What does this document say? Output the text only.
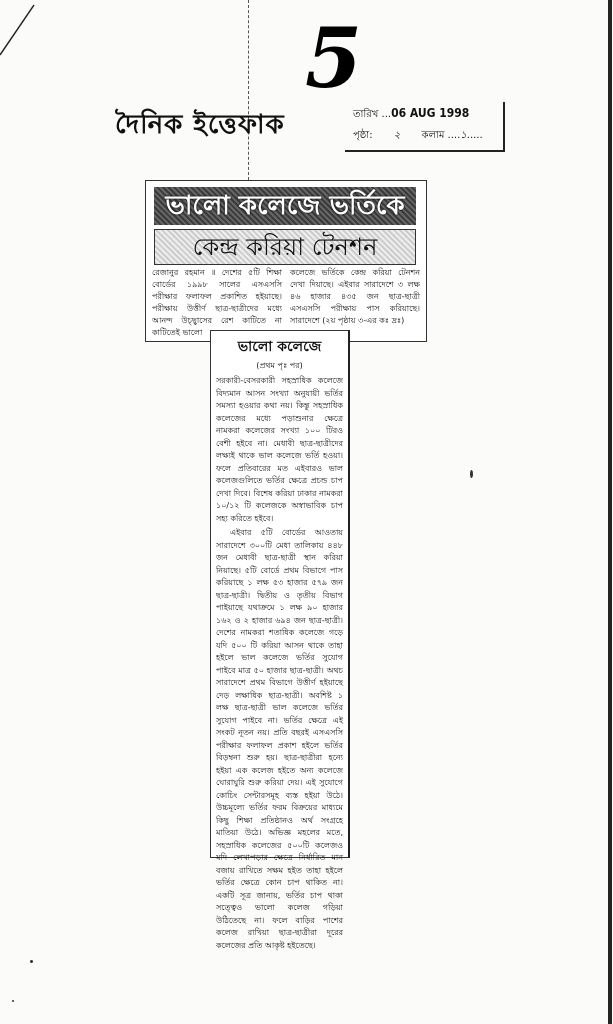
5
দৈনিক ইত্তেফাক	তারিখ ...06 AUG 1998
পৃষ্ঠা: ২ কলাম ....১.....
ভালো কলেজে ভর্তিকে
কেন্দ্র করিয়া টেনশন

রেজানুর রহমান ॥ দেশের ৫টি শিক্ষা বোর্ডের ১৯৯৮ সালের এসএসসি পরীক্ষার ফলাফল প্রকাশিত হইয়াছে। পরীক্ষায় উত্তীর্ণ ছাত্র-ছাত্রীদের মধ্যে আনন্দ উচ্ছ্বাসের রেশ কাটিতে না কাটিতেই ভালো

কলেজে ভর্তিকে কেন্দ্র করিয়া টেনশন দেখা দিয়াছে। এইবার সারাদেশে ৩ লক্ষ ৪৬ হাজার ৪৩৫ জন ছাত্র-ছাত্রী এসএসসি পরীক্ষায় পাস করিয়াছে। সারাদেশে (২য় পৃষ্ঠায় ৩-এর কঃ দ্রঃ)

ভালো কলেজে
(প্রথম পৃঃ পর)

সরকারী-বেসরকারী সহস্রাধিক কলেজে বিদ্যমান আসন সংখ্যা অনুযায়ী ভর্তির সমস্যা হওয়ার কথা নয়। কিন্তু সহস্রাধিক কলেজের মধ্যে পড়াশুনার ক্ষেত্রে নামকরা কলেজের সংখ্যা ১০০ টিরও বেশী হইবে না। মেধাবী ছাত্র-ছাত্রীদের লক্ষ্যই থাকে ভাল কলেজে ভর্তি হওয়া। ফলে প্রতিবারের মত এইবারও ভাল কলেজগুলিতে ভর্তির ক্ষেত্রে প্রচন্ড চাপ দেখা দিবে। বিশেষ করিয়া ঢাকার নামকরা ১০/১২ টি কলেজকে অস্বাভাবিক চাপ সহ্য করিতে হইবে।

এইবার ৫টি বোর্ডের আওতায় সারাদেশে ৩০০টি মেধা তালিকায় ৪৪৮ জন মেধাবী ছাত্র-ছাত্রী স্থান করিয়া নিয়াছে। ৫টি বোর্ডে প্রথম বিভাগে পাস করিয়াছে ১ লক্ষ ৫৩ হাজার ৫৭৯ জন ছাত্র-ছাত্রী। দ্বিতীয় ও তৃতীয় বিভাগ পাইয়াছে যথাক্রমে ১ লক্ষ ৯০ হাজার ১৬২ ও ২ হাজার ৬৯৪ জন ছাত্র-ছাত্রী। দেশের নামকরা শতাধিক কলেজে গড়ে যদি ৫০০ টি করিয়া আসন থাকে তাহা হইলে ভাল কলেজে ভর্তির সুযোগ পাইবে মাত্র ৫০ হাজার ছাত্র-ছাত্রী। অথচ সারাদেশে প্রথম বিভাগে উত্তীর্ণ হইয়াছে দেড় লক্ষাধিক ছাত্র-ছাত্রী। অবশিষ্ট ১ লক্ষ ছাত্র-ছাত্রী ভাল কলেজে ভর্তির সুযোগ পাইবে না। ভর্তির ক্ষেত্রে এই সংকট নূতন নয়। প্রতি বছরই এসএসসি পরীক্ষার ফলাফল প্রকাশ হইলে ভর্তির বিড়ম্বনা শুরু হয়। ছাত্র-ছাত্রীরা হন্যে হইয়া এক কলেজ হইতে অন্য কলেজে ঘোরাঘুরি শুরু করিয়া দেয়। এই সুযোগে কোচিং সেন্টারসমূহ ব্যস্ত হইয়া উঠে। উচ্চমূল্যে ভর্তির ফরম বিক্রয়ের মাধ্যমে কিছু শিক্ষা প্রতিষ্ঠানও অর্থ সংগ্রহে মাতিয়া উঠে। অভিজ্ঞ মহলের মতে, সহস্রাধিক কলেজের ৫০০টি কলেজও যদি লেখাপড়ার ক্ষেত্রে নির্ধারিত মান বজায় রাখিতে সক্ষম হইত তাহা হইলে ভর্তির ক্ষেত্রে কোন চাপ থাকিত না। একটি সূত্র জানায়, ভর্তির চাপ থাকা সত্ত্বেও ভালো কলেজ গড়িয়া উঠিতেছে না। ফলে বাড়ির পাশের কলেজ রাখিয়া ছাত্র-ছাত্রীরা দূরের কলেজের প্রতি আকৃষ্ট হইতেছে।
